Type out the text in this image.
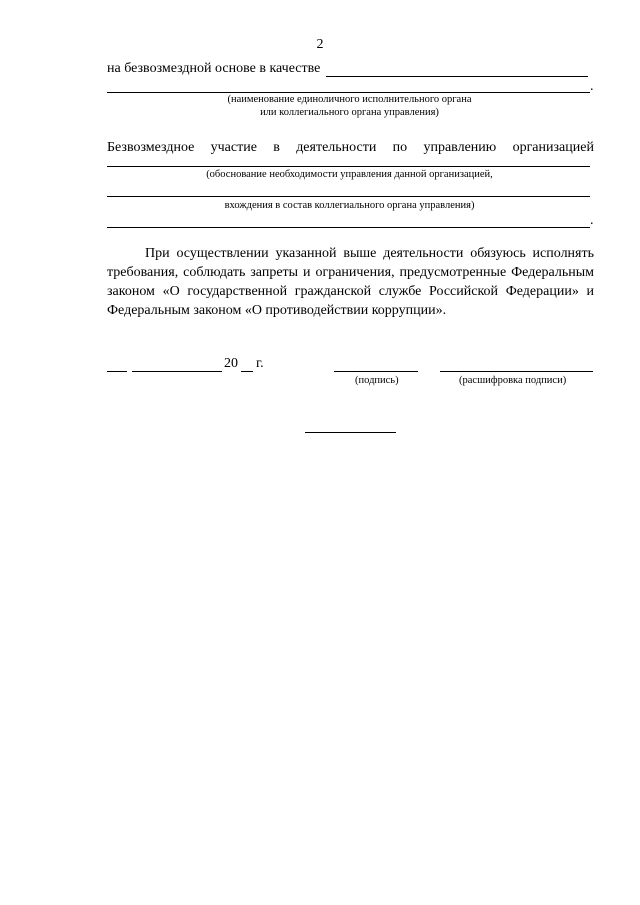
2
на безвозмездной основе в качестве
.
(наименование единоличного исполнительного органа
или коллегиального органа управления)
Безвозмездное участие в деятельности по управлению организацией
(обоснование необходимости управления данной организацией,
вхождения в состав коллегиального органа управления)
.

При осуществлении указанной выше деятельности обязуюсь исполнять требования, соблюдать запреты и ограничения, предусмотренные Федеральным законом «О государственной гражданской службе Российской Федерации» и Федеральным законом «О противодействии коррупции».

20 г.
(подпись)	(расшифровка подписи)
